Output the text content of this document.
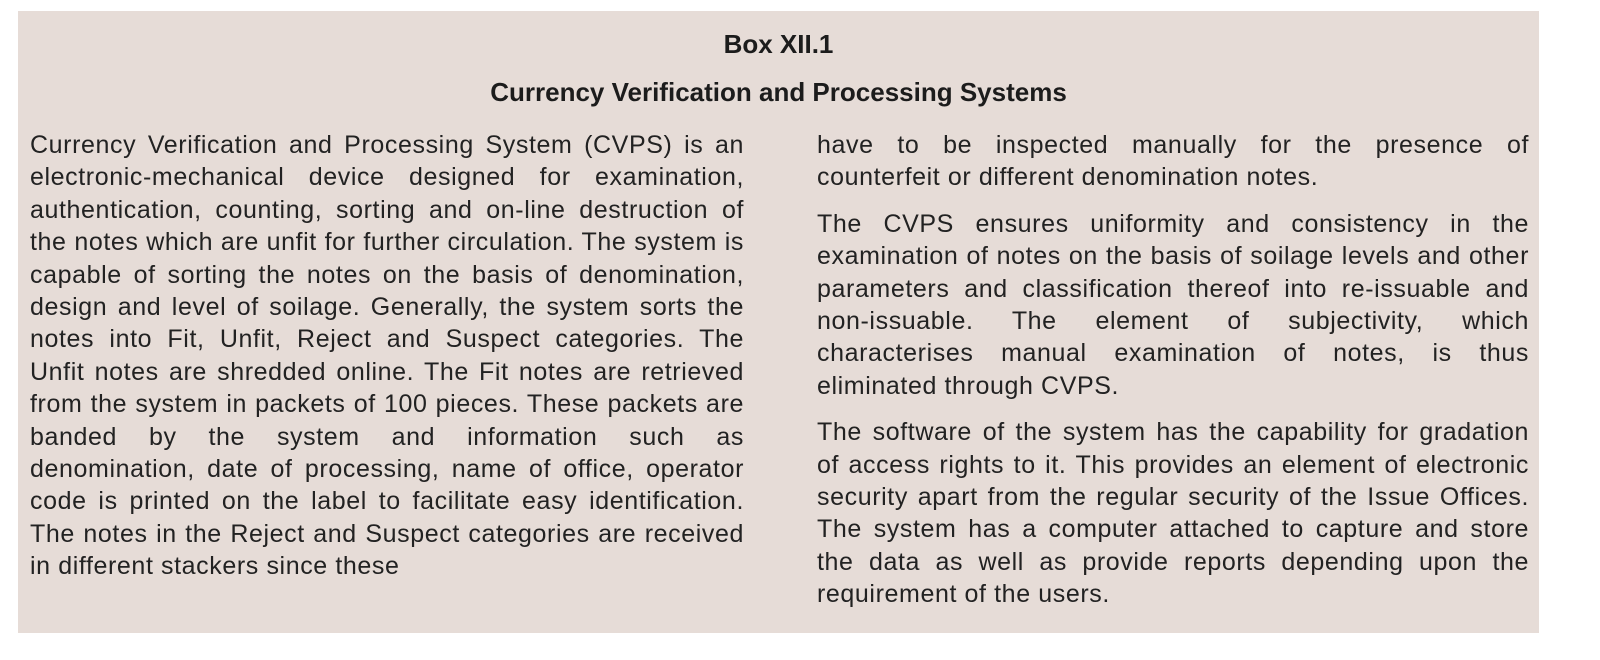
Box XII.1
Currency Verification and Processing Systems

Currency Verification and Processing System (CVPS) is an electronic-mechanical device designed for examination, authentication, counting, sorting and on-line destruction of the notes which are unfit for further circulation. The system is capable of sorting the notes on the basis of denomination, design and level of soilage. Generally, the system sorts the notes into Fit, Unfit, Reject and Suspect categories. The Unfit notes are shredded online. The Fit notes are retrieved from the system in packets of 100 pieces. These packets are banded by the system and information such as denomination, date of processing, name of office, operator code is printed on the label to facilitate easy identification. The notes in the Reject and Suspect categories are received in different stackers since these

have to be inspected manually for the presence of counterfeit or different denomination notes.

The CVPS ensures uniformity and consistency in the examination of notes on the basis of soilage levels and other parameters and classification thereof into re-issuable and non-issuable. The element of subjectivity, which characterises manual examination of notes, is thus eliminated through CVPS.

The software of the system has the capability for gradation of access rights to it. This provides an element of electronic security apart from the regular security of the Issue Offices. The system has a computer attached to capture and store the data as well as provide reports depending upon the requirement of the users.
